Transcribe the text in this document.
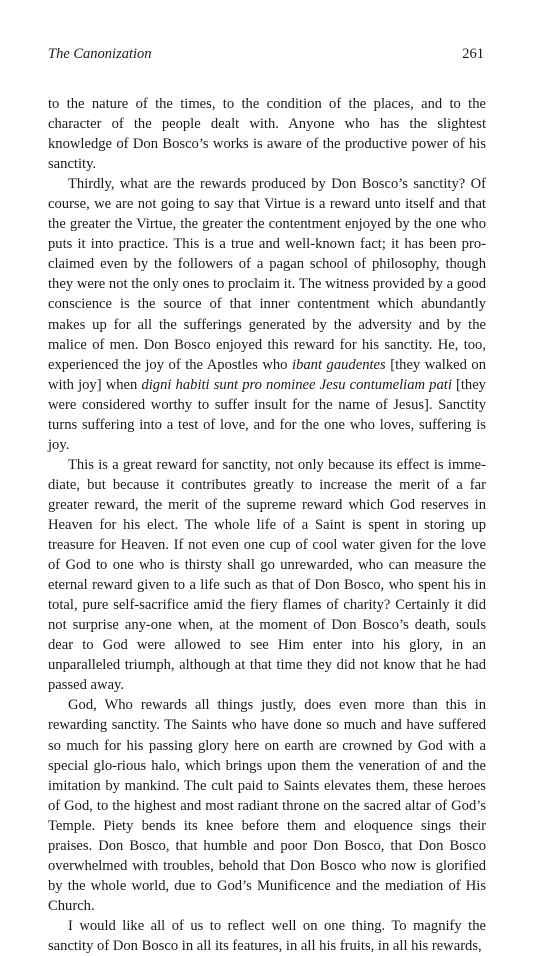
The Canonization	261

to the nature of the times, to the condition of the places, and to the character of the people dealt with. Anyone who has the slightest knowledge of Don Bosco’s works is aware of the productive power of his sanctity.

Thirdly, what are the rewards produced by Don Bosco’s sanctity? Of course, we are not going to say that Virtue is a reward unto itself and that the greater the Virtue, the greater the contentment enjoyed by the one who puts it into practice. This is a true and well-known fact; it has been pro-claimed even by the followers of a pagan school of philosophy, though they were not the only ones to proclaim it. The witness provided by a good conscience is the source of that inner contentment which abundantly makes up for all the sufferings generated by the adversity and by the malice of men. Don Bosco enjoyed this reward for his sanctity. He, too, experienced the joy of the Apostles who ibant gaudentes [they walked on with joy] when digni habiti sunt pro nominee Jesu contumeliam pati [they were considered worthy to suffer insult for the name of Jesus]. Sanctity turns suffering into a test of love, and for the one who loves, suffering is joy.

This is a great reward for sanctity, not only because its effect is imme-diate, but because it contributes greatly to increase the merit of a far greater reward, the merit of the supreme reward which God reserves in Heaven for his elect. The whole life of a Saint is spent in storing up treasure for Heaven. If not even one cup of cool water given for the love of God to one who is thirsty shall go unrewarded, who can measure the eternal reward given to a life such as that of Don Bosco, who spent his in total, pure self-sacrifice amid the fiery flames of charity? Certainly it did not surprise any-one when, at the moment of Don Bosco’s death, souls dear to God were allowed to see Him enter into his glory, in an unparalleled triumph, although at that time they did not know that he had passed away.

God, Who rewards all things justly, does even more than this in rewarding sanctity. The Saints who have done so much and have suffered so much for his passing glory here on earth are crowned by God with a special glo-rious halo, which brings upon them the veneration of and the imitation by mankind. The cult paid to Saints elevates them, these heroes of God, to the highest and most radiant throne on the sacred altar of God’s Temple. Piety bends its knee before them and eloquence sings their praises. Don Bosco, that humble and poor Don Bosco, that Don Bosco overwhelmed with troubles, behold that Don Bosco who now is glorified by the whole world, due to God’s Munificence and the mediation of His Church.

I would like all of us to reflect well on one thing. To magnify the sanctity of Don Bosco in all its features, in all his fruits, in all his rewards,
